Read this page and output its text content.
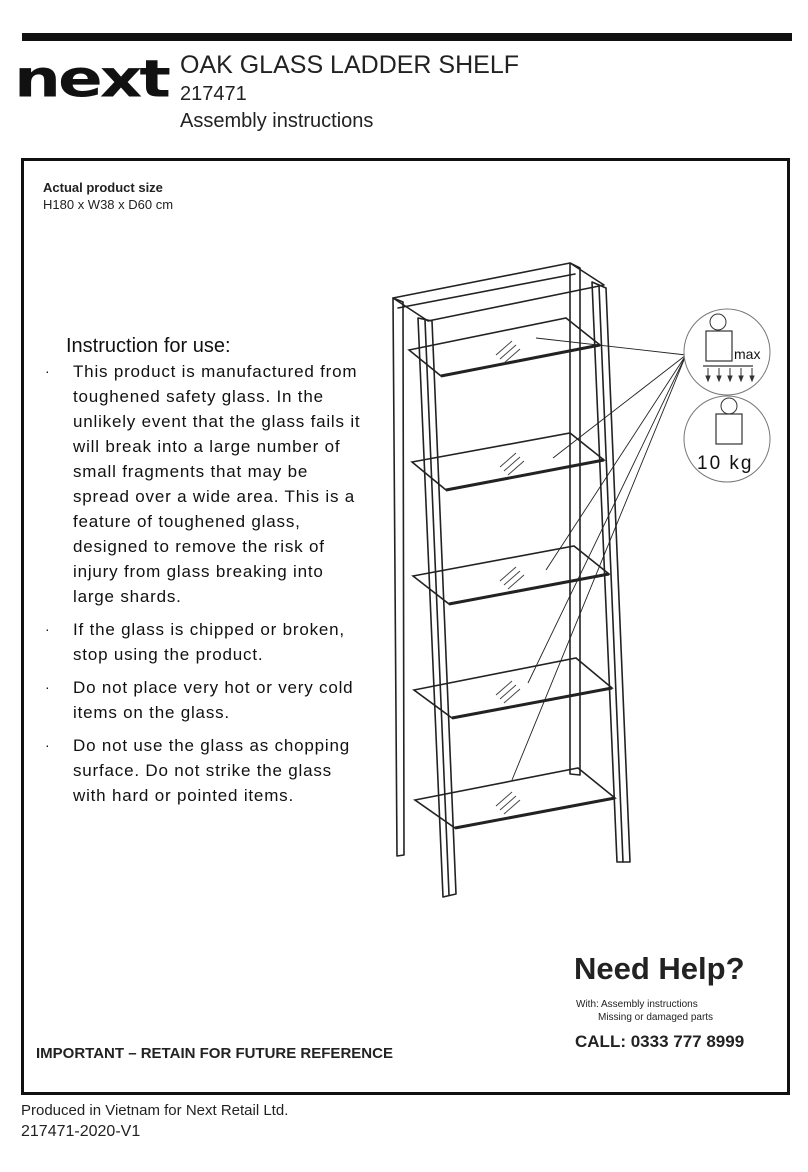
next OAK GLASS LADDER SHELF
217471
Assembly instructions
Actual product size
H180 x W38 x D60 cm
max
10 kg
Instruction for use:
· This product is manufactured from toughened safety glass. In the unlikely event that the glass fails it will break into a large number of small fragments that may be spread over a wide area. This is a feature of toughened glass, designed to remove the risk of injury from glass breaking into large shards.
· If the glass is chipped or broken, stop using the product.
· Do not place very hot or very cold items on the glass.
· Do not use the glass as chopping surface. Do not strike the glass with hard or pointed items.
Need Help?
With: Assembly instructions
Missing or damaged parts
CALL: 0333 777 8999
IMPORTANT – RETAIN FOR FUTURE REFERENCE
Produced in Vietnam for Next Retail Ltd.
217471-2020-V1
